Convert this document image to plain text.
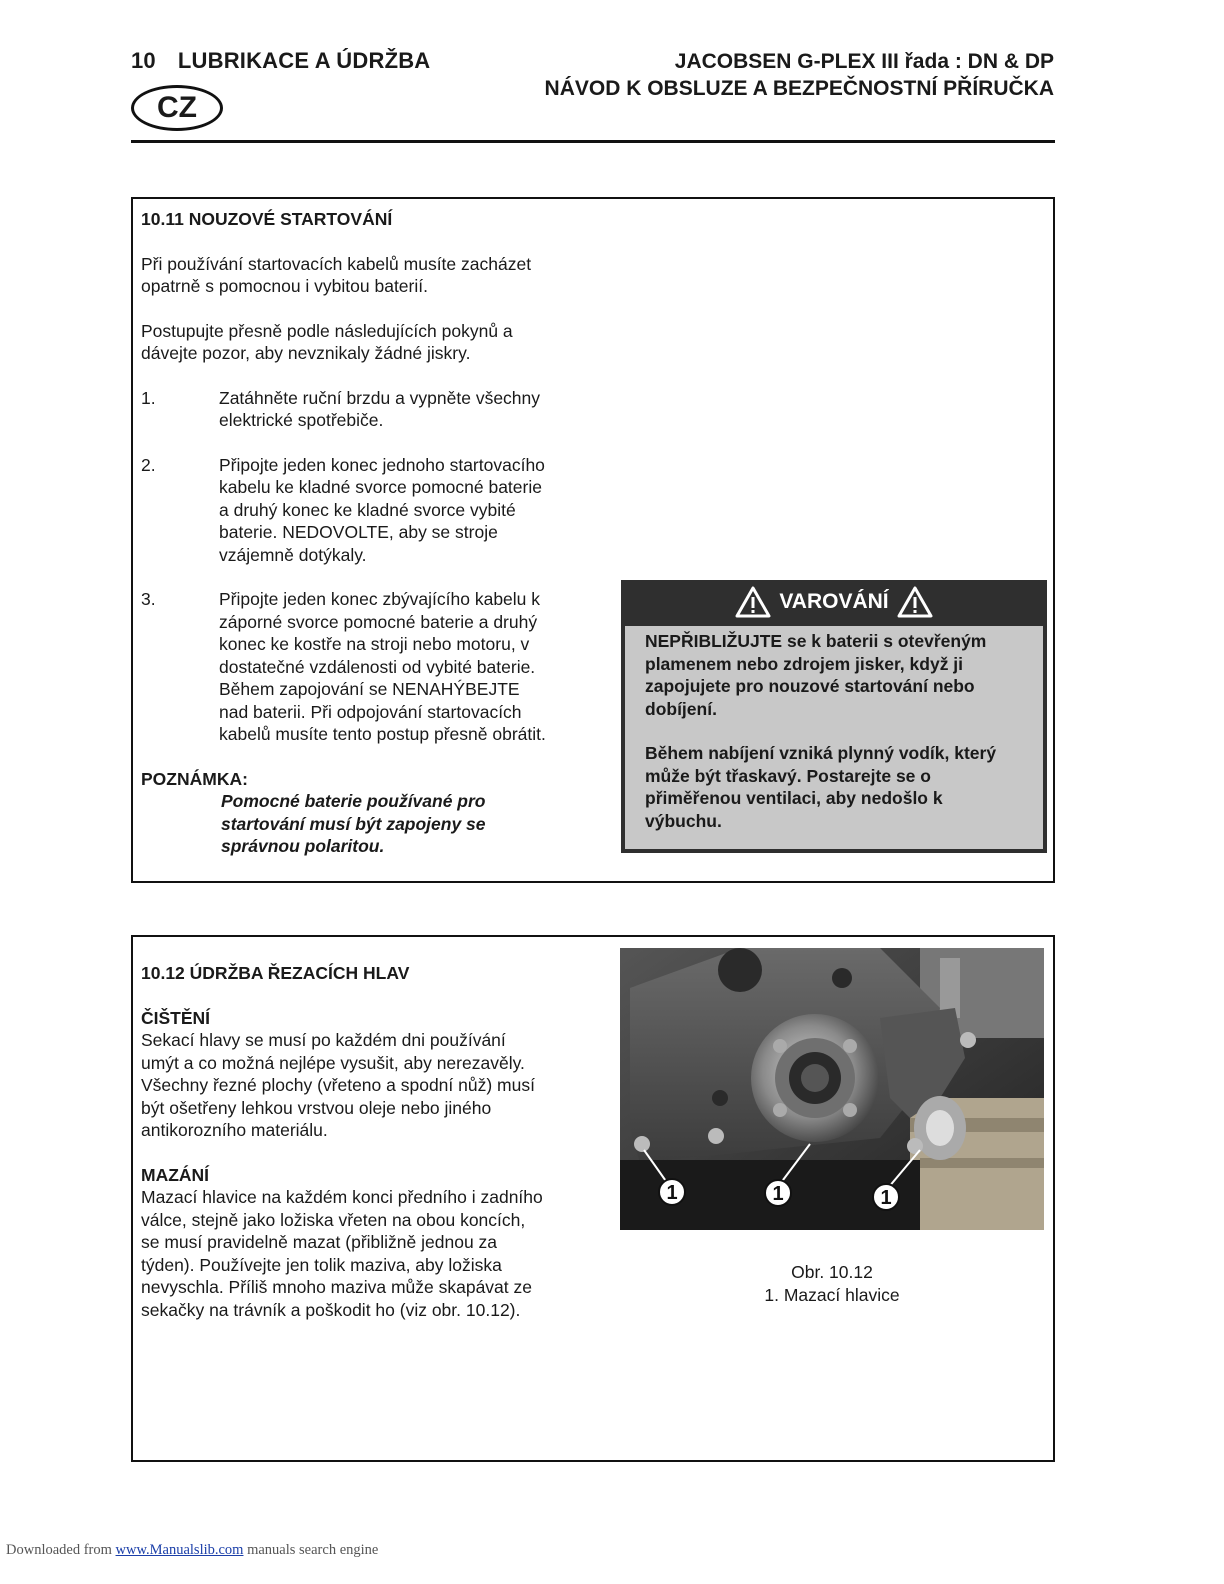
10 LUBRIKACE A ÚDRŽBA
CZ
JACOBSEN G-PLEX III řada : DN & DP
NÁVOD K OBSLUZE A BEZPEČNOSTNÍ PŘÍRUČKA

10.11 NOUZOVÉ STARTOVÁNÍ

Při používání startovacích kabelů musíte zacházet
opatrně s pomocnou i vybitou baterií.

Postupujte přesně podle následujících pokynů a
dávejte pozor, aby nevznikaly žádné jiskry.

1.	Zatáhněte ruční brzdu a vypněte všechny
elektrické spotřebiče.
2.	Připojte jeden konec jednoho startovacího
kabelu ke kladné svorce pomocné baterie
a druhý konec ke kladné svorce vybité
baterie. NEDOVOLTE, aby se stroje
vzájemně dotýkaly.
3.	Připojte jeden konec zbývajícího kabelu k
záporné svorce pomocné baterie a druhý
konec ke kostře na stroji nebo motoru, v
dostatečné vzdálenosti od vybité baterie.
Během zapojování se NENAHÝBEJTE
nad baterii. Při odpojování startovacích
kabelů musíte tento postup přesně obrátit.

POZNÁMKA:

Pomocné baterie používané pro
startování musí být zapojeny se
správnou polaritou.

VAROVÁNÍ

NEPŘIBLIŽUJTE se k baterii s otevřeným
plamenem nebo zdrojem jisker, když ji
zapojujete pro nouzové startování nebo
dobíjení.

Během nabíjení vzniká plynný vodík, který
může být třaskavý. Postarejte se o
přiměřenou ventilaci, aby nedošlo k
výbuchu.

10.12 ÚDRŽBA ŘEZACÍCH HLAV

ČIŠTĚNÍ

Sekací hlavy se musí po každém dni používání
umýt a co možná nejlépe vysušit, aby nerezavěly.
Všechny řezné plochy (vřeteno a spodní nůž) musí
být ošetřeny lehkou vrstvou oleje nebo jiného
antikorozního materiálu.

MAZÁNÍ

Mazací hlavice na každém konci předního i zadního
válce, stejně jako ložiska vřeten na obou koncích,
se musí pravidelně mazat (přibližně jednou za
týden). Používejte jen tolik maziva, aby ložiska
nevyschla. Příliš mnoho maziva může skapávat ze
sekačky na trávník a poškodit ho (viz obr. 10.12).

1	1	1
Obr. 10.12
1. Mazací hlavice
Downloaded from www.Manualslib.com manuals search engine
